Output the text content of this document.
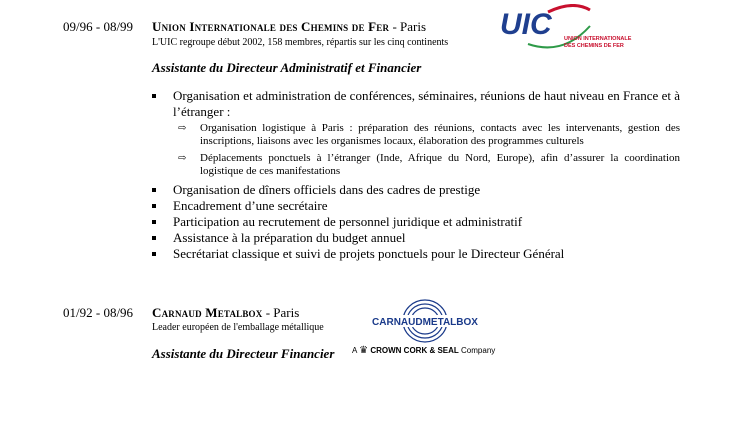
09/96 - 08/99 Union Internationale des Chemins de Fer - Paris
L'UIC regroupe début 2002, 158 membres, répartis sur les cinq continents
UIC UNION INTERNATIONALE
DES CHEMINS DE FER
Assistante du Directeur Administratif et Financier
Organisation et administration de conférences, séminaires, réunions de haut niveau en France et à l’étranger :
⇨ Organisation logistique à Paris : préparation des réunions, contacts avec les intervenants, gestion des inscriptions, liaisons avec les organismes locaux, élaboration des programmes culturels
⇨ Déplacements ponctuels à l’étranger (Inde, Afrique du Nord, Europe), afin d’assurer la coordination logistique de ces manifestations
Organisation de dîners officiels dans des cadres de prestige
Encadrement d’une secrétaire
Participation au recrutement de personnel juridique et administratif
Assistance à la préparation du budget annuel
Secrétariat classique et suivi de projets ponctuels pour le Directeur Général
01/92 - 08/96 Carnaud Metalbox - Paris
Leader européen de l'emballage métallique	CARNAUDMETALBOX
Assistante du Directeur Financier A ♛ CROWN CORK & SEAL Company
